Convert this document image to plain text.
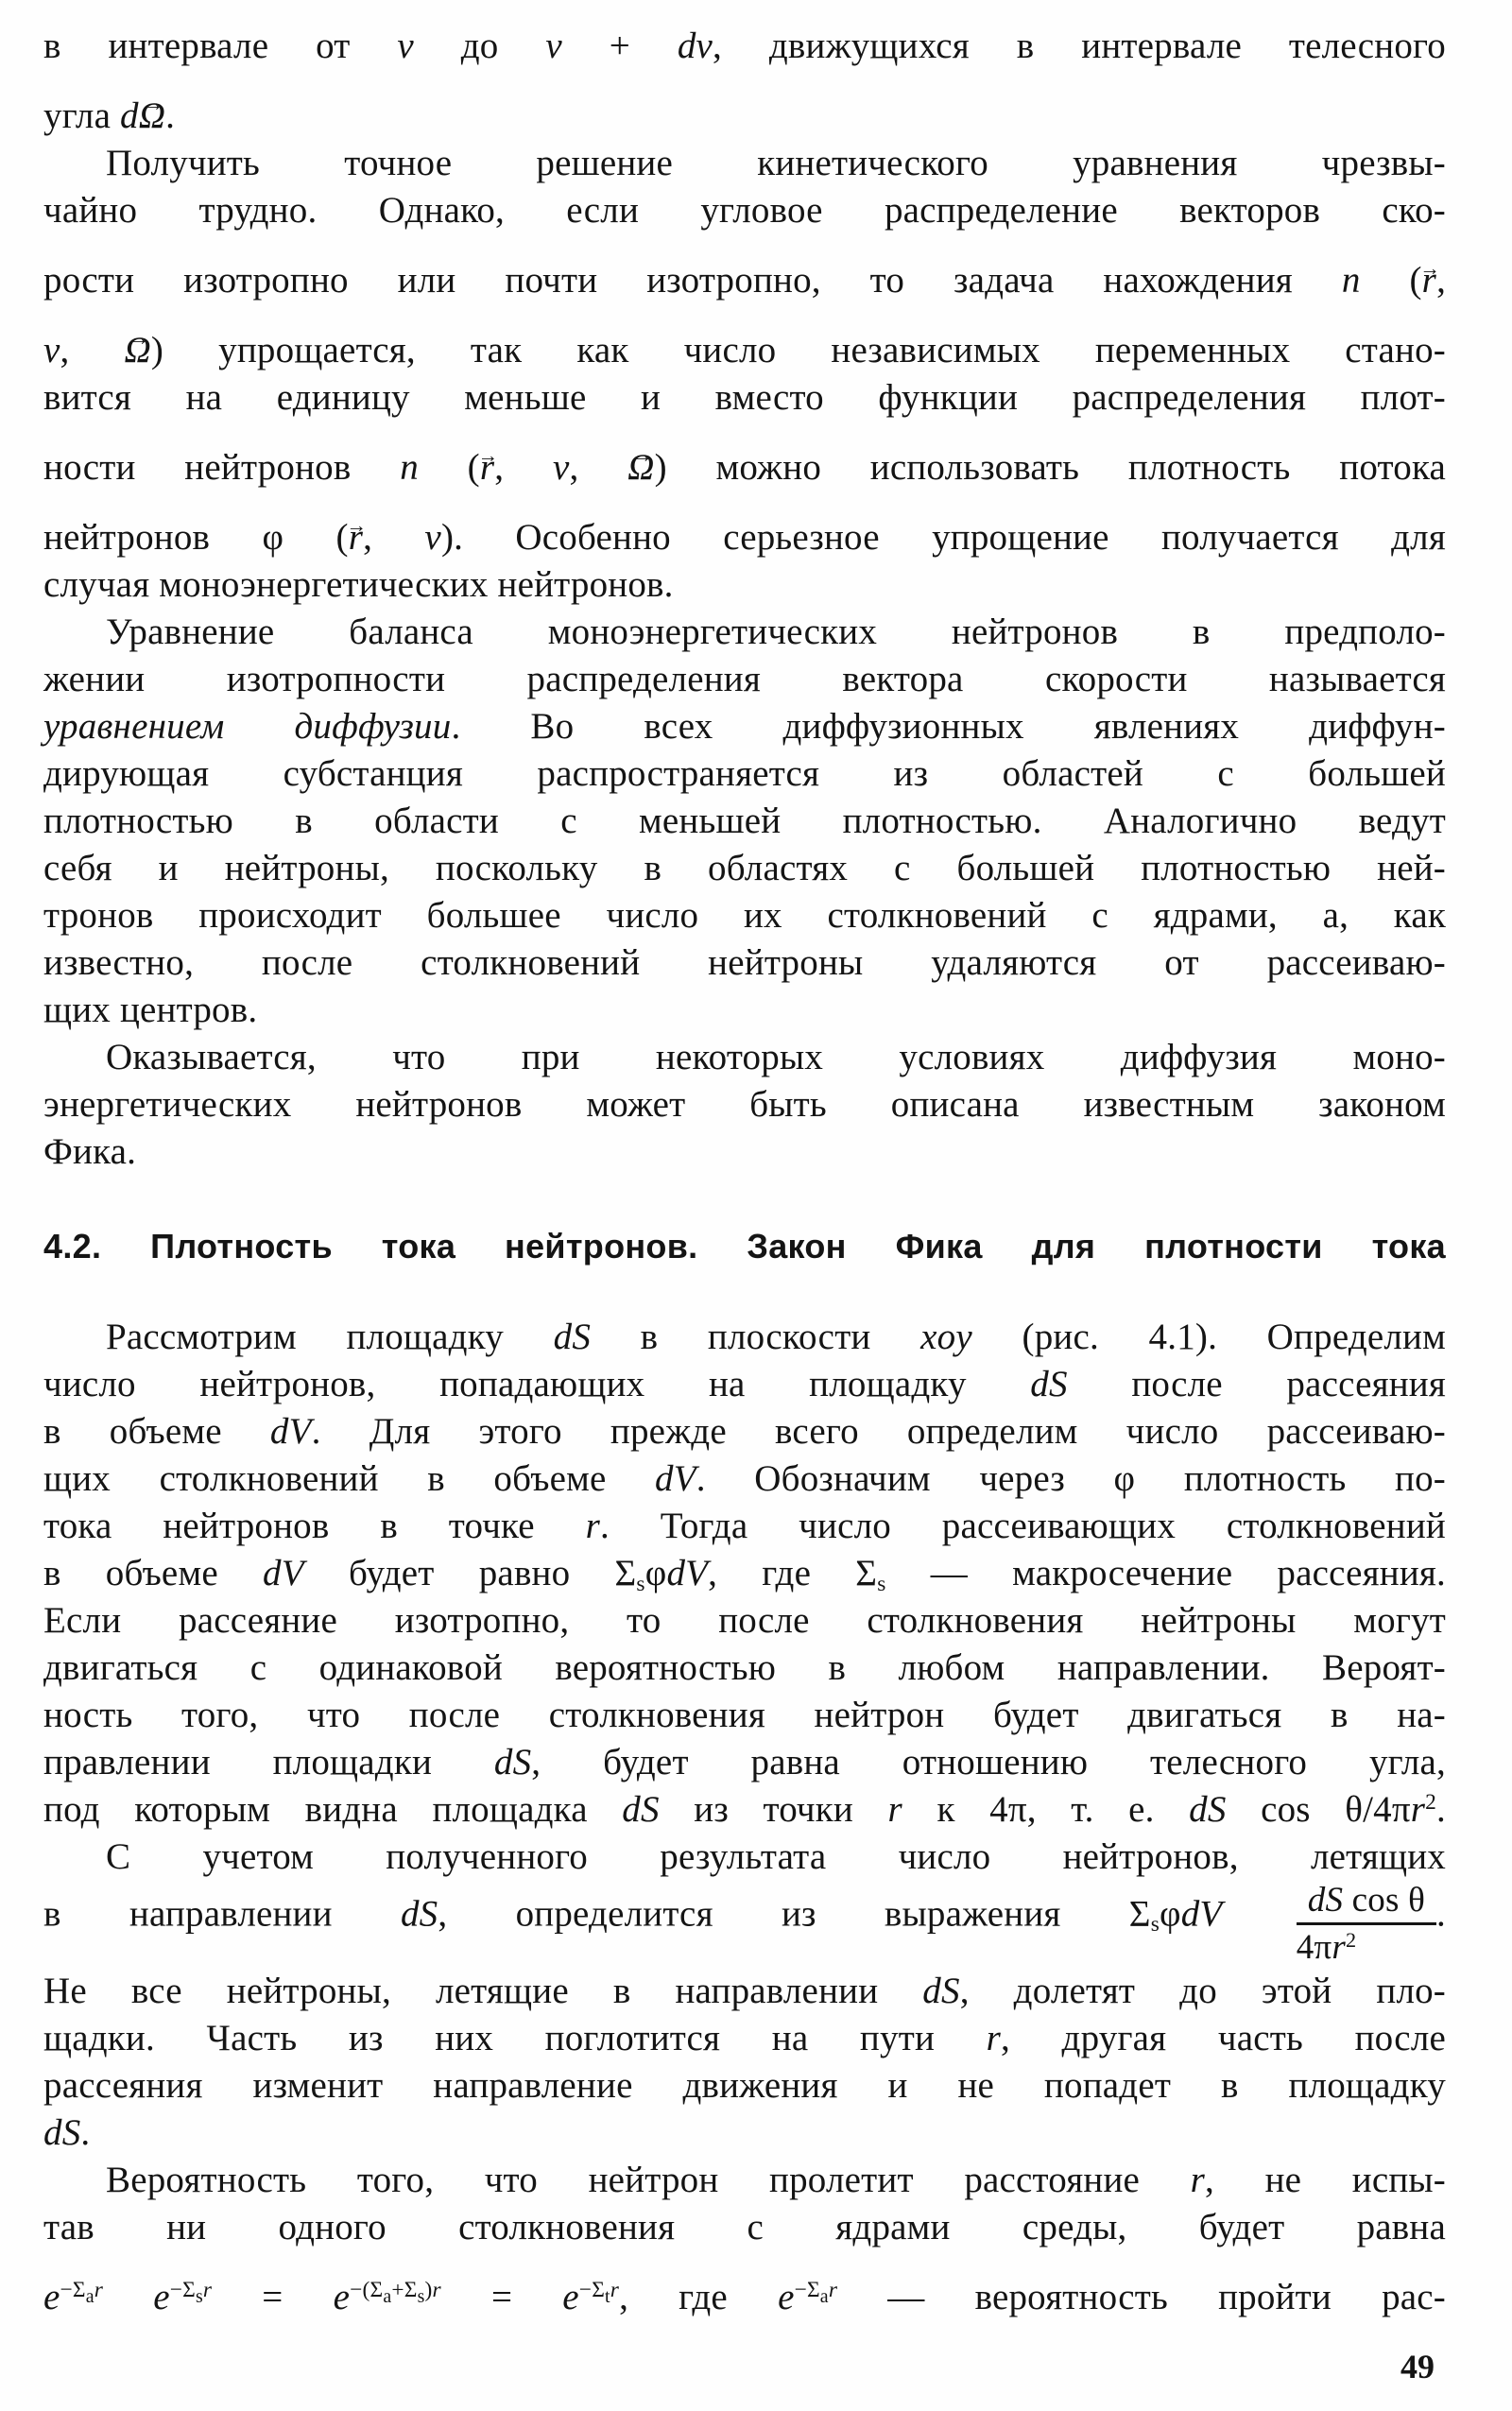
в интервале от v до v + dv, движущихся в интервале телесного
угла d→ Ω.
Получить точное решение кинетического уравнения чрезвы-
чайно трудно. Однако, если угловое распределение векторов ско-
рости изотропно или почти изотропно, то задача нахождения n (→ r,
v, → Ω) упрощается, так как число независимых переменных стано-
вится на единицу меньше и вместо функции распределения плот-
ности нейтронов n (→ r, v, → Ω) можно использовать плотность потока
нейтронов φ (→ r, v). Особенно серьезное упрощение получается для
случая моноэнергетических нейтронов.
Уравнение баланса моноэнергетических нейтронов в предполо-
жении изотропности распределения вектора скорости называется
уравнением диффузии. Во всех диффузионных явлениях диффун-
дирующая субстанция распространяется из областей с большей
плотностью в области с меньшей плотностью. Аналогично ведут
себя и нейтроны, поскольку в областях с большей плотностью ней-
тронов происходит большее число их столкновений с ядрами, а, как
известно, после столкновений нейтроны удаляются от рассеиваю-
щих центров.
Оказывается, что при некоторых условиях диффузия моно-
энергетических нейтронов может быть описана известным законом
Фика.
4.2. Плотность тока нейтронов. Закон Фика для плотности тока
Рассмотрим площадку dS в плоскости xoy (рис. 4.1). Определим
число нейтронов, попадающих на площадку dS после рассеяния
в объеме dV. Для этого прежде всего определим число рассеиваю-
щих столкновений в объеме dV. Обозначим через φ плотность по-
тока нейтронов в точке r. Тогда число рассеивающих столкновений
в объеме dV будет равно $\Sigma_s\varphi dV$, где $\Sigma_s$ — макросечение рассеяния.
Если рассеяние изотропно, то после столкновения нейтроны могут
двигаться с одинаковой вероятностью в любом направлении. Вероят-
ность того, что после столкновения нейтрон будет двигаться в на-
правлении площадки dS, будет равна отношению телесного угла,
под которым видна площадка dS из точки r к 4π, т. е. dS $\cos \theta/4\pi r^2$.
С учетом полученного результата число нейтронов, летящих
в направлении dS, определится из выражения $\Sigma_s\varphi dV \frac{\text{dS cos θ}}{4\pi r^2}$ .
Не все нейтроны, летящие в направлении dS, долетят до этой пло-
щадки. Часть из них поглотится на пути r, другая часть после
рассеяния изменит направление движения и не попадет в площадку
dS.
Вероятность того, что нейтрон пролетит расстояние r, не испы-
тав ни одного столкновения с ядрами среды, будет равна
$e^{-\Sigma_ar}$ $e^{-\Sigma_sr} = e^{-(\Sigma_a+\Sigma_s)r} = e^{-\Sigma_tr}$, где $e^{-\Sigma_ar}$ — вероятность пройти рас-
49
